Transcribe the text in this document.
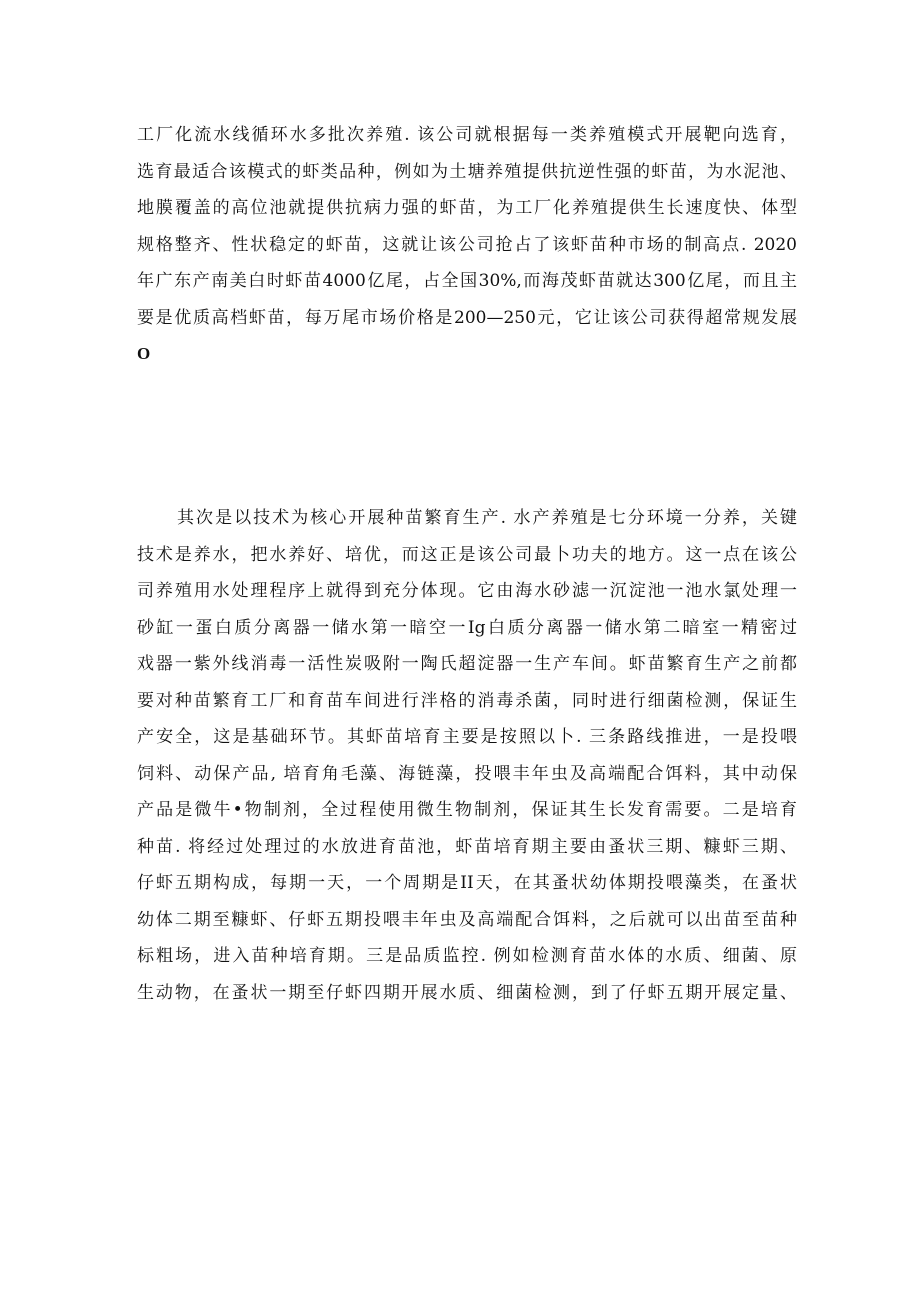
工厂化流水线循环水多批次养殖. 该公司就根据每一类养殖模式开展靶向选育，
选育最适合该模式的虾类品种，例如为土塘养殖提供抗逆性强的虾苗，为水泥池、
地膜覆盖的高位池就提供抗病力强的虾苗，为工厂化养殖提供生长速度快、体型
规格整齐、性状稳定的虾苗，这就让该公司抢占了该虾苗种市场的制高点. 2020
年广东产南美白时虾苗4000亿尾，占全国30%,而海茂虾苗就达300亿尾，而且主
要是优质高档虾苗，每万尾市场价格是200—250元，它让该公司获得超常规发展
O
其次是以技术为核心开展种苗繁育生产. 水产养殖是七分环境一分养，关键
技术是养水，把水养好、培优，而这正是该公司最卜功夫的地方。这一点在该公
司养殖用水处理程序上就得到充分体现。它由海水砂滤一沉淀池一池水氯处理一
砂缸一蛋白质分离器一储水第一暗空一Ig白质分离器一储水第二暗室一精密过
戏器一紫外线消毒一活性炭吸附一陶氏超淀器一生产车间。虾苗繁育生产之前都
要对种苗繁育工厂和育苗车间进行泮格的消毒杀菌，同时进行细菌检测，保证生
产安全，这是基础环节。其虾苗培育主要是按照以卜. 三条路线推进，一是投喂
饲料、动保产品, 培育角毛藻、海链藻，投喂丰年虫及高端配合饵料，其中动保
产品是微牛•物制剂，全过程使用微生物制剂，保证其生长发育需要。二是培育
种苗. 将经过处理过的水放进育苗池，虾苗培育期主要由蚤状三期、糠虾三期、
仔虾五期构成，每期一天，一个周期是II天，在其蚤状幼体期投喂藻类，在蚤状
幼体二期至糠虾、仔虾五期投喂丰年虫及高端配合饵料，之后就可以出苗至苗种
标粗场，进入苗种培育期。三是品质监控. 例如检测育苗水体的水质、细菌、原
生动物，在蚤状一期至仔虾四期开展水质、细菌检测，到了仔虾五期开展定量、
